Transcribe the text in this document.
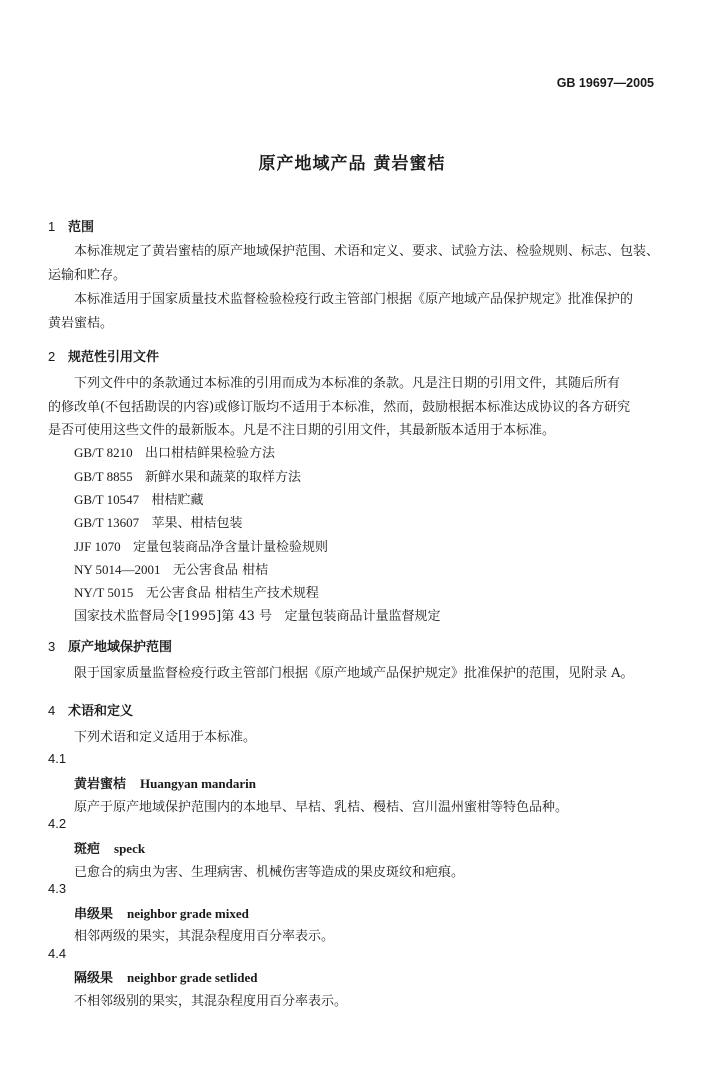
GB 19697—2005
原产地域产品 黄岩蜜桔
1 范围
本标准规定了黄岩蜜桔的原产地域保护范围、术语和定义、要求、试验方法、检验规则、标志、包装、
运输和贮存。
本标准适用于国家质量技术监督检验检疫行政主管部门根据《原产地域产品保护规定》批准保护的
黄岩蜜桔。
2 规范性引用文件
下列文件中的条款通过本标准的引用而成为本标准的条款。凡是注日期的引用文件，其随后所有
的修改单(不包括勘误的内容)或修订版均不适用于本标准，然而，鼓励根据本标准达成协议的各方研究
是否可使用这些文件的最新版本。凡是不注日期的引用文件，其最新版本适用于本标准。
GB/T 8210 出口柑桔鲜果检验方法
GB/T 8855 新鲜水果和蔬菜的取样方法
GB/T 10547 柑桔贮藏
GB/T 13607 苹果、柑桔包装
JJF 1070 定量包装商品净含量计量检验规则
NY 5014—2001 无公害食品 柑桔
NY/T 5015 无公害食品 柑桔生产技术规程
国家技术监督局令[1995]第 43 号 定量包装商品计量监督规定
3 原产地域保护范围
限于国家质量监督检疫行政主管部门根据《原产地域产品保护规定》批准保护的范围，见附录 A。
4 术语和定义
下列术语和定义适用于本标准。
4.1
黄岩蜜桔 Huangyan mandarin
原产于原产地域保护范围内的本地早、早桔、乳桔、槾桔、宫川温州蜜柑等特色品种。
4.2
斑疤 speck
已愈合的病虫为害、生理病害、机械伤害等造成的果皮斑纹和疤痕。
4.3
串级果 neighbor grade mixed
相邻两级的果实，其混杂程度用百分率表示。
4.4
隔级果 neighbor grade setlided
不相邻级别的果实，其混杂程度用百分率表示。
